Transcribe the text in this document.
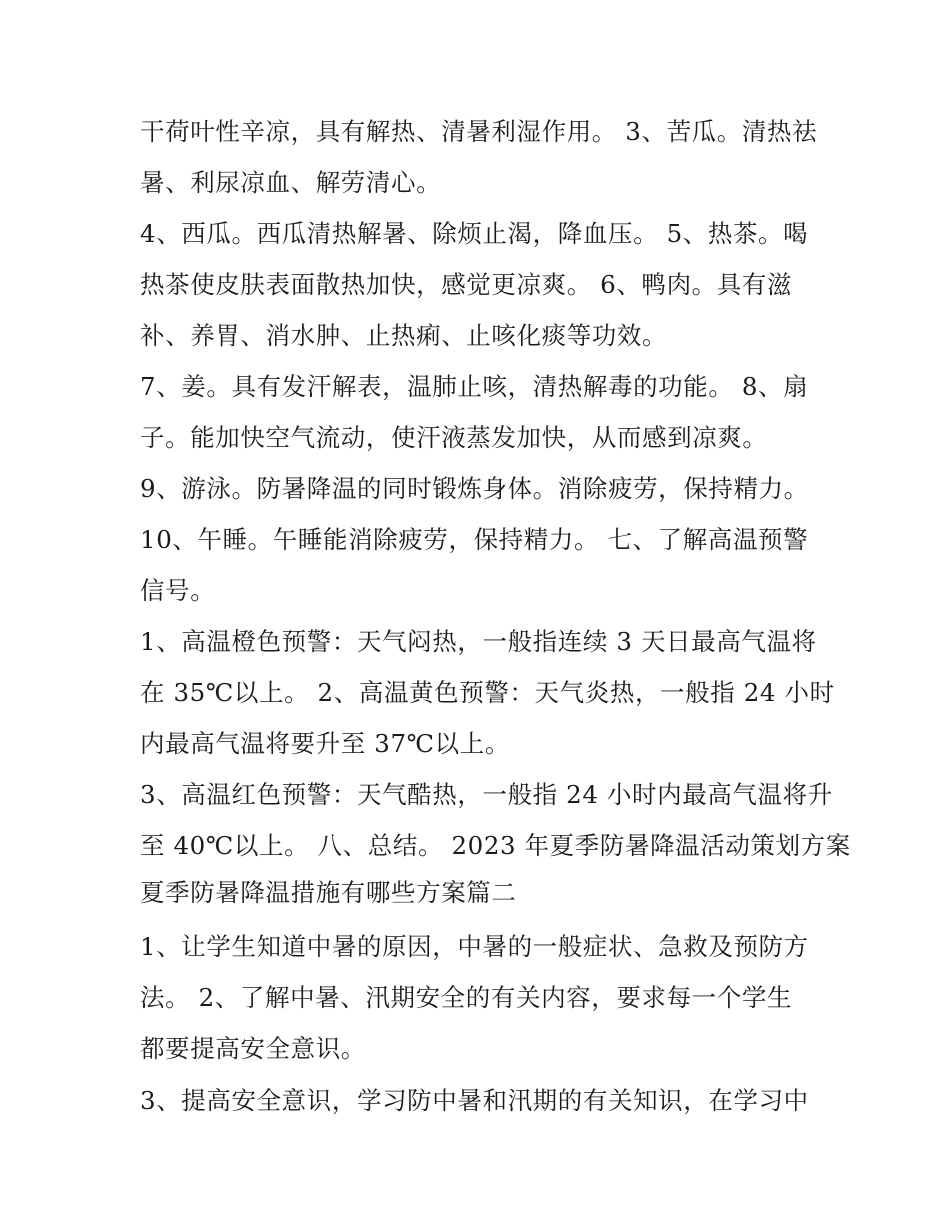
干荷叶性辛凉，具有解热、清暑利湿作用。 3、苦瓜。清热祛
暑、利尿凉血、解劳清心。
4、西瓜。西瓜清热解暑、除烦止渴，降血压。 5、热茶。喝
热茶使皮肤表面散热加快，感觉更凉爽。 6、鸭肉。具有滋
补、养胃、消水肿、止热痢、止咳化痰等功效。
7、姜。具有发汗解表，温肺止咳，清热解毒的功能。 8、扇
子。能加快空气流动，使汗液蒸发加快，从而感到凉爽。
9、游泳。防暑降温的同时锻炼身体。消除疲劳，保持精力。
10、午睡。午睡能消除疲劳，保持精力。 七、了解高温预警
信号。
1、高温橙色预警：天气闷热，一般指连续 3 天日最高气温将
在 35℃以上。 2、高温黄色预警：天气炎热，一般指 24 小时
内最高气温将要升至 37℃以上。
3、高温红色预警：天气酷热，一般指 24 小时内最高气温将升
至 40℃以上。 八、总结。 2023 年夏季防暑降温活动策划方案
夏季防暑降温措施有哪些方案篇二
1、让学生知道中暑的原因，中暑的一般症状、急救及预防方
法。 2、了解中暑、汛期安全的有关内容，要求每一个学生
都要提高安全意识。
3、提高安全意识，学习防中暑和汛期的有关知识，在学习中
